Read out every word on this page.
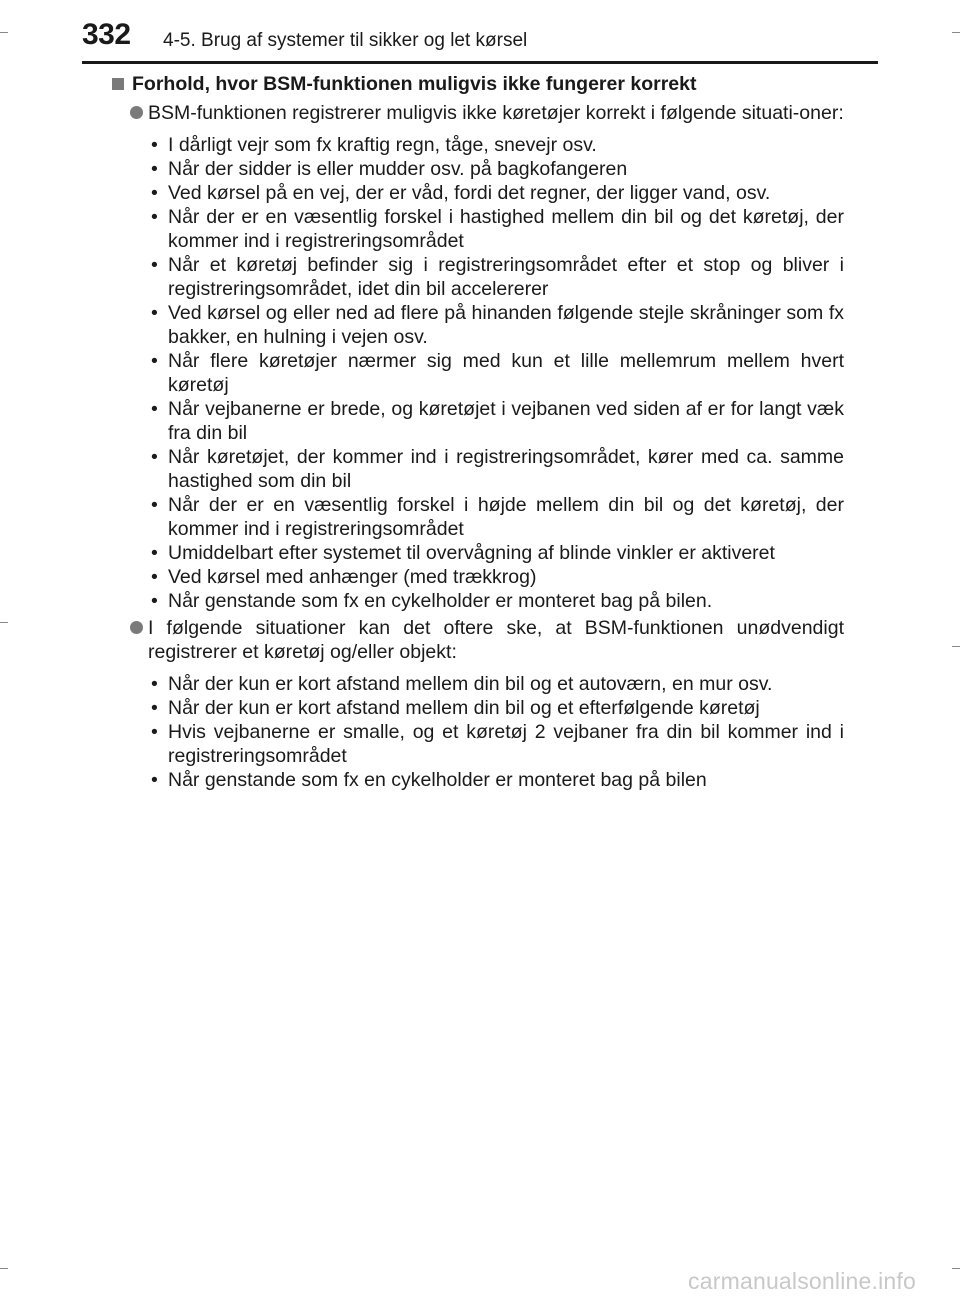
332 4-5. Brug af systemer til sikker og let kørsel
Forhold, hvor BSM-funktionen muligvis ikke fungerer korrekt
BSM-funktionen registrerer muligvis ikke køretøjer korrekt i følgende situati-oner:
• I dårligt vejr som fx kraftig regn, tåge, snevejr osv.
• Når der sidder is eller mudder osv. på bagkofangeren
• Ved kørsel på en vej, der er våd, fordi det regner, der ligger vand, osv.
• Når der er en væsentlig forskel i hastighed mellem din bil og det køretøj, der kommer ind i registreringsområdet
• Når et køretøj befinder sig i registreringsområdet efter et stop og bliver i registreringsområdet, idet din bil accelererer
• Ved kørsel og eller ned ad flere på hinanden følgende stejle skråninger som fx bakker, en hulning i vejen osv.
• Når flere køretøjer nærmer sig med kun et lille mellemrum mellem hvert køretøj
• Når vejbanerne er brede, og køretøjet i vejbanen ved siden af er for langt væk fra din bil
• Når køretøjet, der kommer ind i registreringsområdet, kører med ca. samme hastighed som din bil
• Når der er en væsentlig forskel i højde mellem din bil og det køretøj, der kommer ind i registreringsområdet
• Umiddelbart efter systemet til overvågning af blinde vinkler er aktiveret
• Ved kørsel med anhænger (med trækkrog)
• Når genstande som fx en cykelholder er monteret bag på bilen.
I følgende situationer kan det oftere ske, at BSM-funktionen unødvendigt registrerer et køretøj og/eller objekt:
• Når der kun er kort afstand mellem din bil og et autoværn, en mur osv.
• Når der kun er kort afstand mellem din bil og et efterfølgende køretøj
• Hvis vejbanerne er smalle, og et køretøj 2 vejbaner fra din bil kommer ind i registreringsområdet
• Når genstande som fx en cykelholder er monteret bag på bilen
carmanualsonline.info
